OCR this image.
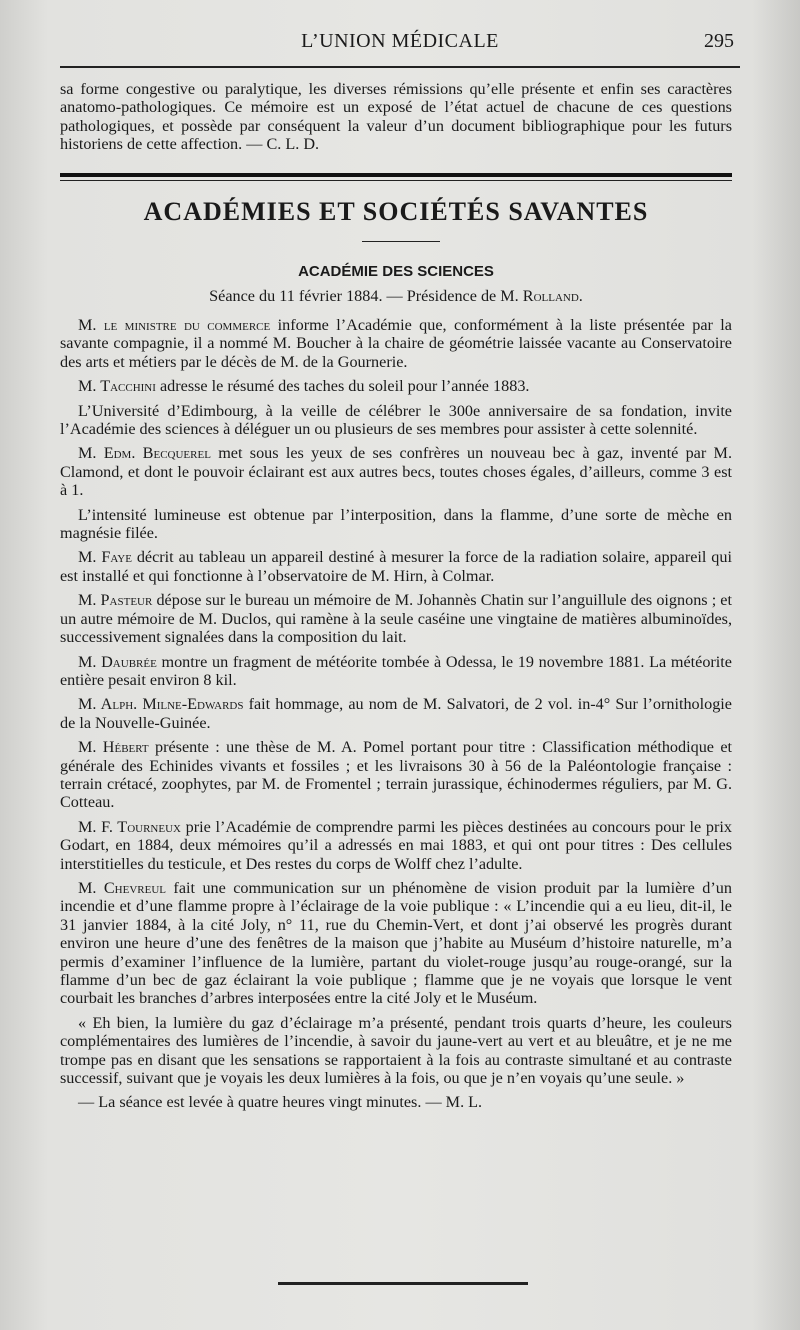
L’UNION MÉDICALE	295

sa forme congestive ou paralytique, les diverses rémissions qu’elle présente et enfin ses caractères anatomo-pathologiques. Ce mémoire est un exposé de l’état actuel de chacune de ces questions pathologiques, et possède par conséquent la valeur d’un document bibliographique pour les futurs historiens de cette affection. — C. L. D.

ACADÉMIES ET SOCIÉTÉS SAVANTES
ACADÉMIE DES SCIENCES
Séance du 11 février 1884. — Présidence de M. Rolland.

M. le ministre du commerce informe l’Académie que, conformément à la liste présentée par la savante compagnie, il a nommé M. Boucher à la chaire de géométrie laissée vacante au Conservatoire des arts et métiers par le décès de M. de la Gournerie.

M. Tacchini adresse le résumé des taches du soleil pour l’année 1883.

L’Université d’Edimbourg, à la veille de célébrer le 300e anniversaire de sa fondation, invite l’Académie des sciences à déléguer un ou plusieurs de ses membres pour assister à cette solennité.

M. Edm. Becquerel met sous les yeux de ses confrères un nouveau bec à gaz, inventé par M. Clamond, et dont le pouvoir éclairant est aux autres becs, toutes choses égales, d’ailleurs, comme 3 est à 1.

L’intensité lumineuse est obtenue par l’interposition, dans la flamme, d’une sorte de mèche en magnésie filée.

M. Faye décrit au tableau un appareil destiné à mesurer la force de la radiation solaire, appareil qui est installé et qui fonctionne à l’observatoire de M. Hirn, à Colmar.

M. Pasteur dépose sur le bureau un mémoire de M. Johannès Chatin sur l’anguillule des oignons ; et un autre mémoire de M. Duclos, qui ramène à la seule caséine une vingtaine de matières albuminoïdes, successivement signalées dans la composition du lait.

M. Daubrée montre un fragment de météorite tombée à Odessa, le 19 novembre 1881. La météorite entière pesait environ 8 kil.

M. Alph. Milne-Edwards fait hommage, au nom de M. Salvatori, de 2 vol. in-4° Sur l’ornithologie de la Nouvelle-Guinée.

M. Hébert présente : une thèse de M. A. Pomel portant pour titre : Classification méthodique et générale des Echinides vivants et fossiles ; et les livraisons 30 à 56 de la Paléontologie française : terrain crétacé, zoophytes, par M. de Fromentel ; terrain jurassique, échinodermes réguliers, par M. G. Cotteau.

M. F. Tourneux prie l’Académie de comprendre parmi les pièces destinées au concours pour le prix Godart, en 1884, deux mémoires qu’il a adressés en mai 1883, et qui ont pour titres : Des cellules interstitielles du testicule, et Des restes du corps de Wolff chez l’adulte.

M. Chevreul fait une communication sur un phénomène de vision produit par la lumière d’un incendie et d’une flamme propre à l’éclairage de la voie publique : « L’incendie qui a eu lieu, dit-il, le 31 janvier 1884, à la cité Joly, n° 11, rue du Chemin-Vert, et dont j’ai observé les progrès durant environ une heure d’une des fenêtres de la maison que j’habite au Muséum d’histoire naturelle, m’a permis d’examiner l’influence de la lumière, partant du violet-rouge jusqu’au rouge-orangé, sur la flamme d’un bec de gaz éclairant la voie publique ; flamme que je ne voyais que lorsque le vent courbait les branches d’arbres interposées entre la cité Joly et le Muséum.

« Eh bien, la lumière du gaz d’éclairage m’a présenté, pendant trois quarts d’heure, les couleurs complémentaires des lumières de l’incendie, à savoir du jaune-vert au vert et au bleuâtre, et je ne me trompe pas en disant que les sensations se rapportaient à la fois au contraste simultané et au contraste successif, suivant que je voyais les deux lumières à la fois, ou que je n’en voyais qu’une seule. »

— La séance est levée à quatre heures vingt minutes. — M. L.
